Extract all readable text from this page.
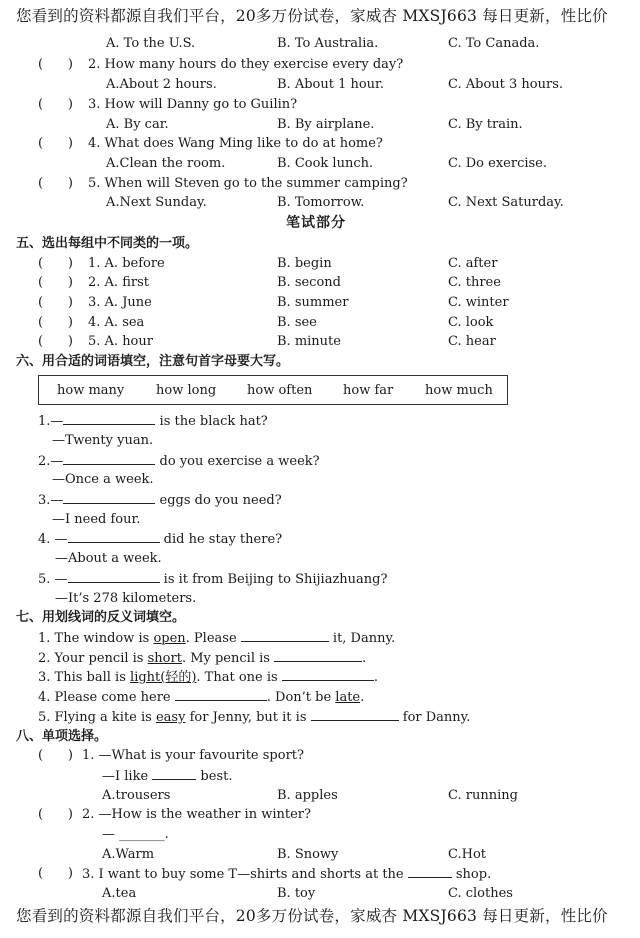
您看到的资料都源自我们平台，20多万份试卷，家威杏 MXSJ663 每日更新，性比价
A. To the U.S.	B. To Australia.	C. To Canada.
(      ) 2. How many hours do they exercise every day?
A.About 2 hours.	B. About 1 hour.	C. About 3 hours.
(      ) 3. How will Danny go to Guilin?
A. By car.	B. By airplane.	C. By train.
(      ) 4. What does Wang Ming like to do at home?
A.Clean the room.	B. Cook lunch.	C. Do exercise.
(      ) 5. When will Steven go to the summer camping?
A.Next Sunday.	B. Tomorrow.	C. Next Saturday.
笔试部分
五、选出每组中不同类的一项。
(      ) 1. A. before	B. begin	C. after
(      ) 2. A. first	B. second	C. three
(      ) 3. A. June	B. summer	C. winter
(      ) 4. A. sea	B. see	C. look
(      ) 5. A. hour	B. minute	C. hear
六、用合适的词语填空，注意句首字母要大写。
how many how long how often how far how much
1.—	is the black hat?
—Twenty yuan.
2.—	do you exercise a week?
—Once a week.
3.—	eggs do you need?
—I need four.
4. —	did he stay there?
—About a week.
5. —	is it from Beijing to Shijiazhuang?
—It’s 278 kilometers.
七、用划线词的反义词填空。
1. The window is open. Please	it, Danny.
2. Your pencil is short. My pencil is	.
3. This ball is light(轻的). That one is	.
4. Please come here	. Don’t be late.
5. Flying a kite is easy for Jenny, but it is	for Danny.
八、单项选择。
(      ) 1. —What is your favourite sport?
—I like	best.
A.trousers	B. apples	C. running
(      ) 2. —How is the weather in winter?
— _______.
A.Warm	B. Snowy	C.Hot
(      ) 3. I want to buy some T—shirts and shorts at the	shop.
A.tea	B. toy	C. clothes
您看到的资料都源自我们平台，20多万份试卷，家威杏 MXSJ663 每日更新，性比价
